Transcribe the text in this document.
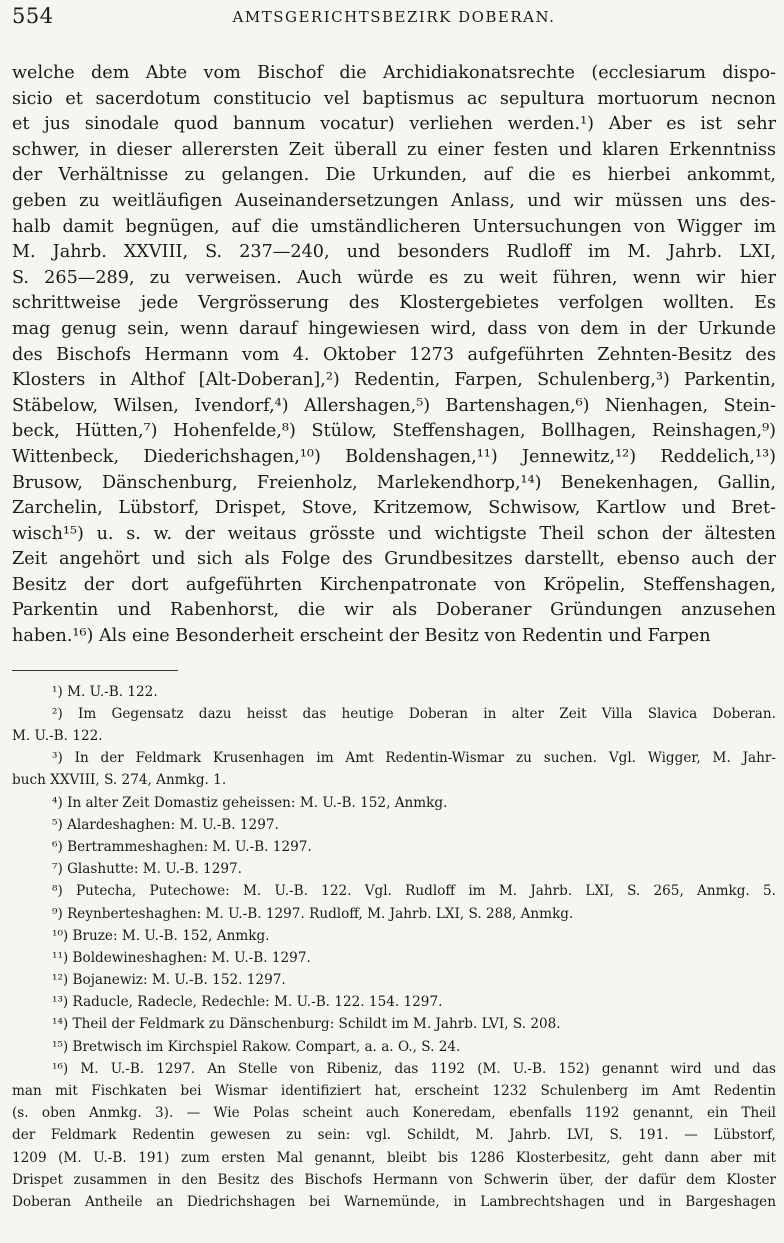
554	AMTSGERICHTSBEZIRK DOBERAN.
welche dem Abte vom Bischof die Archidiakonatsrechte (ecclesiarum dispo-
sicio et sacerdotum constitucio vel baptismus ac sepultura mortuorum necnon
et jus sinodale quod bannum vocatur) verliehen werden.¹) Aber es ist sehr
schwer, in dieser allerersten Zeit überall zu einer festen und klaren Erkenntniss
der Verhältnisse zu gelangen. Die Urkunden, auf die es hierbei ankommt,
geben zu weitläufigen Auseinandersetzungen Anlass, und wir müssen uns des-
halb damit begnügen, auf die umständlicheren Untersuchungen von Wigger im
M. Jahrb. XXVIII, S. 237—240, und besonders Rudloff im M. Jahrb. LXI,
S. 265—289, zu verweisen. Auch würde es zu weit führen, wenn wir hier
schrittweise jede Vergrösserung des Klostergebietes verfolgen wollten. Es
mag genug sein, wenn darauf hingewiesen wird, dass von dem in der Urkunde
des Bischofs Hermann vom 4. Oktober 1273 aufgeführten Zehnten-Besitz des
Klosters in Althof [Alt-Doberan],²) Redentin, Farpen, Schulenberg,³) Parkentin,
Stäbelow, Wilsen, Ivendorf,⁴) Allershagen,⁵) Bartenshagen,⁶) Nienhagen, Stein-
beck, Hütten,⁷) Hohenfelde,⁸) Stülow, Steffenshagen, Bollhagen, Reinshagen,⁹)
Wittenbeck, Diederichshagen,¹⁰) Boldenshagen,¹¹) Jennewitz,¹²) Reddelich,¹³)
Brusow, Dänschenburg, Freienholz, Marlekendhorp,¹⁴) Benekenhagen, Gallin,
Zarchelin, Lübstorf, Drispet, Stove, Kritzemow, Schwisow, Kartlow und Bret-
wisch¹⁵) u. s. w. der weitaus grösste und wichtigste Theil schon der ältesten
Zeit angehört und sich als Folge des Grundbesitzes darstellt, ebenso auch der
Besitz der dort aufgeführten Kirchenpatronate von Kröpelin, Steffenshagen,
Parkentin und Rabenhorst, die wir als Doberaner Gründungen anzusehen
haben.¹⁶) Als eine Besonderheit erscheint der Besitz von Redentin und Farpen
¹) M. U.-B. 122.
²) Im Gegensatz dazu heisst das heutige Doberan in alter Zeit Villa Slavica Doberan.
M. U.-B. 122.
³) In der Feldmark Krusenhagen im Amt Redentin-Wismar zu suchen. Vgl. Wigger, M. Jahr-
buch XXVIII, S. 274, Anmkg. 1.
⁴) In alter Zeit Domastiz geheissen: M. U.-B. 152, Anmkg.
⁵) Alardeshaghen: M. U.-B. 1297.
⁶) Bertrammeshaghen: M. U.-B. 1297.
⁷) Glashutte: M. U.-B. 1297.
⁸) Putecha, Putechowe: M. U.-B. 122. Vgl. Rudloff im M. Jahrb. LXI, S. 265, Anmkg. 5.
⁹) Reynberteshaghen: M. U.-B. 1297. Rudloff, M. Jahrb. LXI, S. 288, Anmkg.
¹⁰) Bruze: M. U.-B. 152, Anmkg.
¹¹) Boldewineshaghen: M. U.-B. 1297.
¹²) Bojanewiz: M. U.-B. 152. 1297.
¹³) Raducle, Radecle, Redechle: M. U.-B. 122. 154. 1297.
¹⁴) Theil der Feldmark zu Dänschenburg: Schildt im M. Jahrb. LVI, S. 208.
¹⁵) Bretwisch im Kirchspiel Rakow. Compart, a. a. O., S. 24.
¹⁶) M. U.-B. 1297. An Stelle von Ribeniz, das 1192 (M. U.-B. 152) genannt wird und das
man mit Fischkaten bei Wismar identifiziert hat, erscheint 1232 Schulenberg im Amt Redentin
(s. oben Anmkg. 3). — Wie Polas scheint auch Koneredam, ebenfalls 1192 genannt, ein Theil
der Feldmark Redentin gewesen zu sein: vgl. Schildt, M. Jahrb. LVI, S. 191. — Lübstorf,
1209 (M. U.-B. 191) zum ersten Mal genannt, bleibt bis 1286 Klosterbesitz, geht dann aber mit
Drispet zusammen in den Besitz des Bischofs Hermann von Schwerin über, der dafür dem Kloster
Doberan Antheile an Diedrichshagen bei Warnemünde, in Lambrechtshagen und in Bargeshagen
